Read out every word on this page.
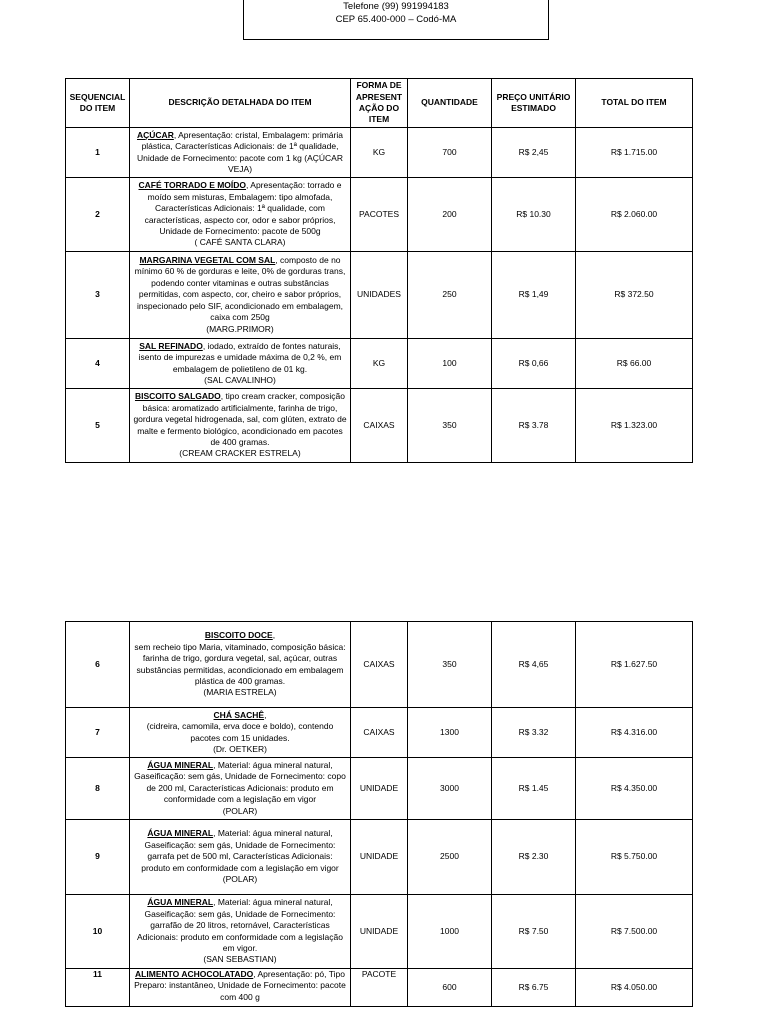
Telefone (99) 991994183
CEP 65.400-000 – Codó-MA
SEQUENCIAL DO ITEM	DESCRIÇÃO DETALHADA DO ITEM	FORMA DE APRESENT AÇÃO DO ITEM	QUANTIDADE	PREÇO UNITÁRIO ESTIMADO	TOTAL DO ITEM
1	AÇÚCAR, Apresentação: cristal, Embalagem: primária plástica, Características Adicionais: de 1ª qualidade, Unidade de Fornecimento: pacote com 1 kg (AÇÚCAR VEJA)	KG	700	R$ 2,45	R$ 1.715.00
2	CAFÉ TORRADO E MOÍDO, Apresentação: torrado e moído sem misturas, Embalagem: tipo almofada, Características Adicionais: 1ª qualidade, com características, aspecto cor, odor e sabor próprios, Unidade de Fornecimento: pacote de 500g
( CAFÉ SANTA CLARA)	PACOTES	200	R$ 10.30	R$ 2.060.00
3	MARGARINA VEGETAL COM SAL, composto de no mínimo 60 % de gorduras e leite, 0% de gorduras trans, podendo conter vitaminas e outras substâncias permitidas, com aspecto, cor, cheiro e sabor próprios, inspecionado pelo SIF, acondicionado em embalagem, caixa com 250g
(MARG.PRIMOR)	UNIDADES	250	R$ 1,49	R$ 372.50
4	SAL REFINADO, iodado, extraído de fontes naturais, isento de impurezas e umidade máxima de 0,2 %, em embalagem de polietileno de 01 kg.
(SAL CAVALINHO)	KG	100	R$ 0,66	R$ 66.00
5	BISCOITO SALGADO, tipo cream cracker, composição básica: aromatizado artificialmente, farinha de trigo, gordura vegetal hidrogenada, sal, com glúten, extrato de malte e fermento biológico, acondicionado em pacotes de 400 gramas.
(CREAM CRACKER ESTRELA)	CAIXAS	350	R$ 3.78	R$ 1.323.00
6	BISCOITO DOCE,
sem recheio tipo Maria, vitaminado, composição básica: farinha de trigo, gordura vegetal, sal, açúcar, outras substâncias permitidas, acondicionado em embalagem plástica de 400 gramas.
(MARIA ESTRELA)	CAIXAS	350	R$ 4,65	R$ 1.627.50
7	CHÁ SACHÊ,
(cidreira, camomila, erva doce e boldo), contendo pacotes com 15 unidades.
(Dr. OETKER)	CAIXAS	1300	R$ 3.32	R$ 4.316.00
8	ÁGUA MINERAL, Material: água mineral natural, Gaseificação: sem gás, Unidade de Fornecimento: copo de 200 ml, Características Adicionais: produto em conformidade com a legislação em vigor
(POLAR)	UNIDADE	3000	R$ 1.45	R$ 4.350.00
9	ÁGUA MINERAL, Material: água mineral natural, Gaseificação: sem gás, Unidade de Fornecimento: garrafa pet de 500 ml, Características Adicionais: produto em conformidade com a legislação em vigor
(POLAR)	UNIDADE	2500	R$ 2.30	R$ 5.750.00
10	ÁGUA MINERAL, Material: água mineral natural, Gaseificação: sem gás, Unidade de Fornecimento: garrafão de 20 litros, retornável, Características Adicionais: produto em conformidade com a legislação em vigor.
(SAN SEBASTIAN)	UNIDADE	1000	R$ 7.50	R$ 7.500.00
11	ALIMENTO ACHOCOLATADO, Apresentação: pó, Tipo Preparo: instantâneo, Unidade de Fornecimento: pacote com 400 g	PACOTE	600	R$ 6.75	R$ 4.050.00
